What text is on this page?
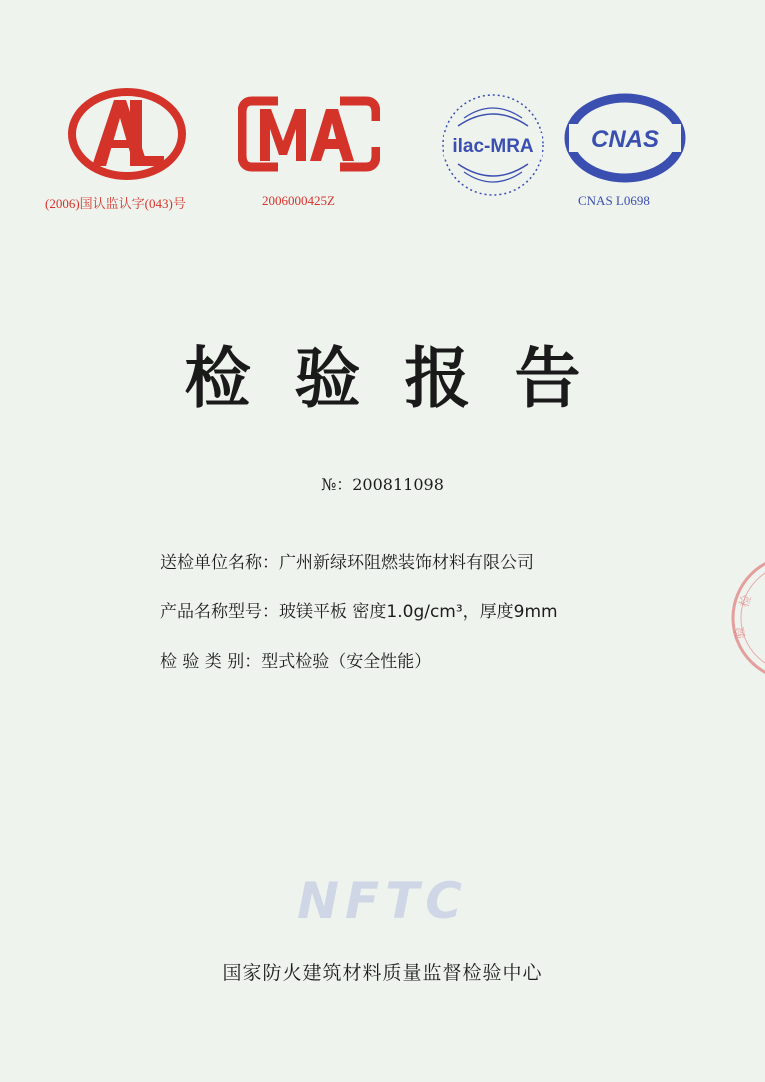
(2006)国认监认字(043)号	2006000425Z
ilac-MRA CNAS
CNAS L0698
检验报告
№：200811098
送检单位名称：广州新绿环阻燃装饰材料有限公司
产品名称型号：玻镁平板 密度1.0g/cm³，厚度9mm
检 验 类 别：型式检验（安全性能）
检
验
NFTC
国家防火建筑材料质量监督检验中心
